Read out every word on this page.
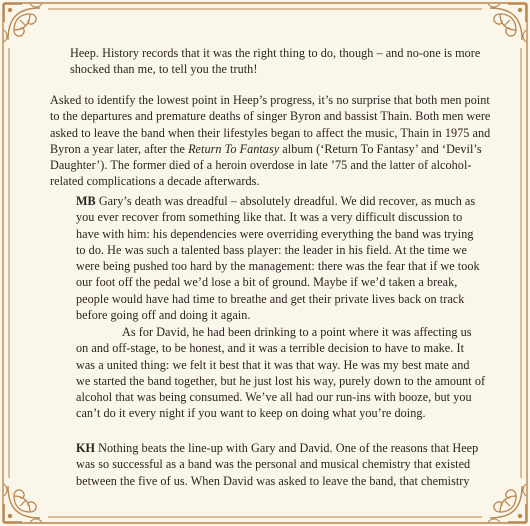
Heep. History records that it was the right thing to do, though – and no-one is more shocked than me, to tell you the truth!

Asked to identify the lowest point in Heep’s progress, it’s no surprise that both men point to the departures and premature deaths of singer Byron and bassist Thain. Both men were asked to leave the band when their lifestyles began to affect the music, Thain in 1975 and Byron a year later, after the Return To Fantasy album (‘Return To Fantasy’ and ‘Devil’s Daughter’). The former died of a heroin overdose in late ’75 and the latter of alcohol-related complications a decade afterwards.

MB Gary’s death was dreadful – absolutely dreadful. We did recover, as much as you ever recover from something like that. It was a very difficult discussion to have with him: his dependencies were overriding everything the band was trying to do. He was such a talented bass player: the leader in his field. At the time we were being pushed too hard by the management: there was the fear that if we took our foot off the pedal we’d lose a bit of ground. Maybe if we’d taken a break, people would have had time to breathe and get their private lives back on track before going off and doing it again.

As for David, he had been drinking to a point where it was affecting us on and off-stage, to be honest, and it was a terrible decision to have to make. It was a united thing: we felt it best that it was that way. He was my best mate and we started the band together, but he just lost his way, purely down to the amount of alcohol that was being consumed. We’ve all had our run-ins with booze, but you can’t do it every night if you want to keep on doing what you’re doing.

KH Nothing beats the line-up with Gary and David. One of the reasons that Heep was so successful as a band was the personal and musical chemistry that existed between the five of us. When David was asked to leave the band, that chemistry
